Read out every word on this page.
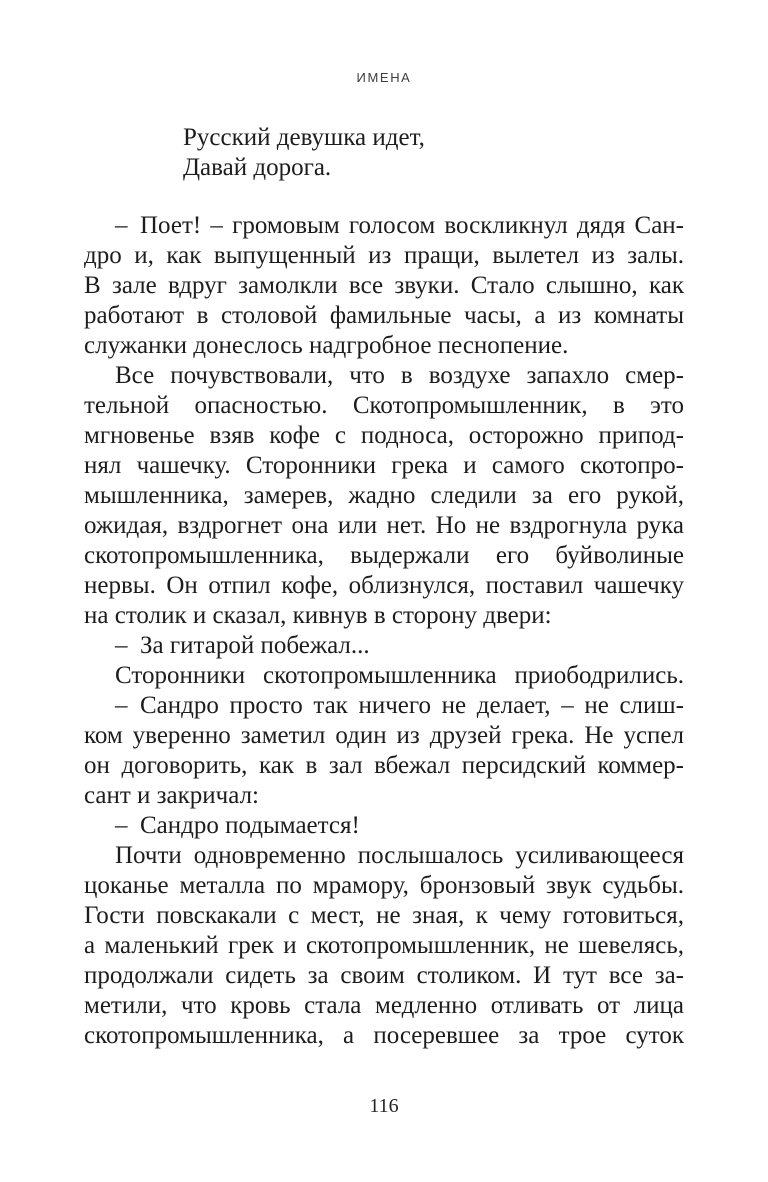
ИМЕНА
Русский девушка идет,
Давай дорога.
– Поет! – громовым голосом воскликнул дядя Сан-
дро и, как выпущенный из пращи, вылетел из залы.
В зале вдруг замолкли все звуки. Стало слышно, как
работают в столовой фамильные часы, а из комнаты
служанки донеслось надгробное песнопение.
Все почувствовали, что в воздухе запахло смер-
тельной опасностью. Скотопромышленник, в это
мгновенье взяв кофе с подноса, осторожно припод-
нял чашечку. Сторонники грека и самого скотопро-
мышленника, замерев, жадно следили за его рукой,
ожидая, вздрогнет она или нет. Но не вздрогнула рука
скотопромышленника, выдержали его буйволиные
нервы. Он отпил кофе, облизнулся, поставил чашечку
на столик и сказал, кивнув в сторону двери:
– За гитарой побежал...
Сторонники скотопромышленника приободрились.
– Сандро просто так ничего не делает, – не слиш-
ком уверенно заметил один из друзей грека. Не успел
он договорить, как в зал вбежал персидский коммер-
сант и закричал:
– Сандро подымается!
Почти одновременно послышалось усиливающееся
цоканье металла по мрамору, бронзовый звук судьбы.
Гости повскакали с мест, не зная, к чему готовиться,
а маленький грек и скотопромышленник, не шевелясь,
продолжали сидеть за своим столиком. И тут все за-
метили, что кровь стала медленно отливать от лица
скотопромышленника, а посеревшее за трое суток
116
